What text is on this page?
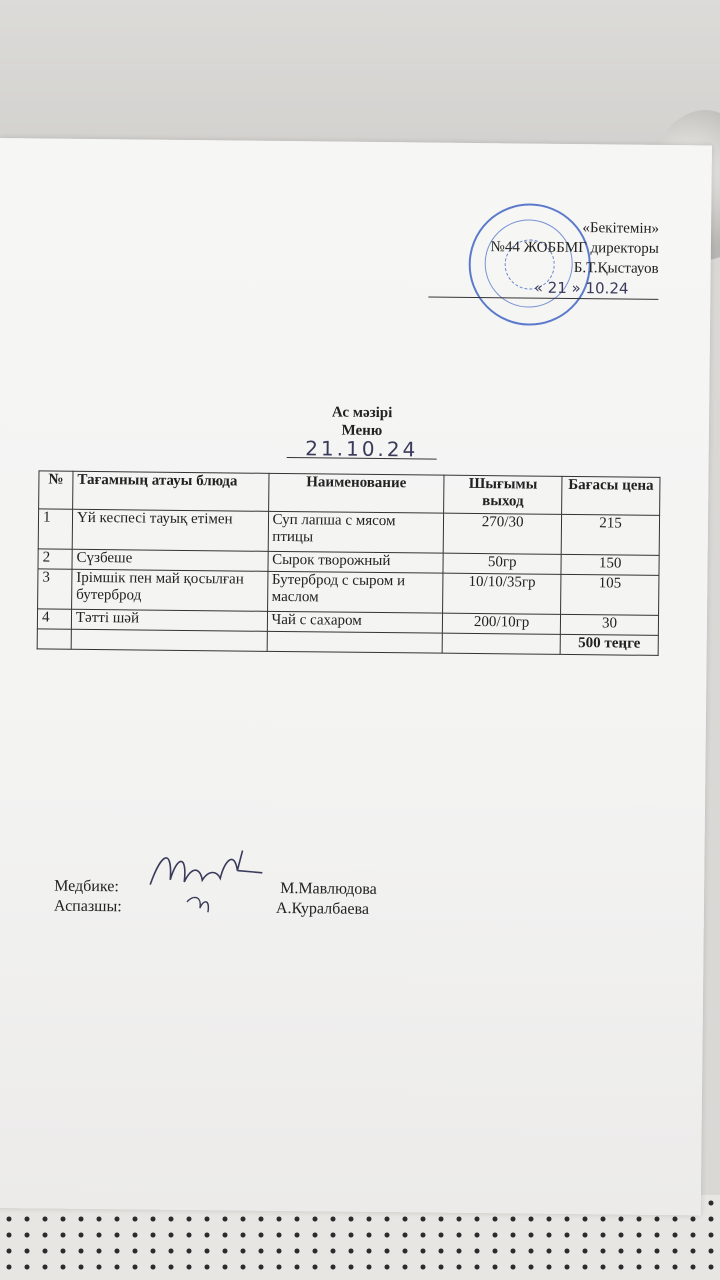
«Бекітемін»
№44 ЖОББМГ директоры
Б.Т.Қыстауов
« 21 » 10.24
Ас мәзірі
Меню
21.10.24
№	Тағамның атауы блюда	Наименование	Шығымы выход	Бағасы цена
1	Үй кеспесі тауық етімен	Суп лапша с мясом птицы	270/30	215
2	Сүзбеше	Сырок творожный	50гр	150
3	Ірімшік пен май қосылған бутерброд	Бутерброд с сыром и маслом	10/10/35гр	105
4	Тәтті шәй	Чай с сахаром	200/10гр	30
				500 теңге
Медбике:	М.Мавлюдова
Аспазшы:	А.Куралбаева
